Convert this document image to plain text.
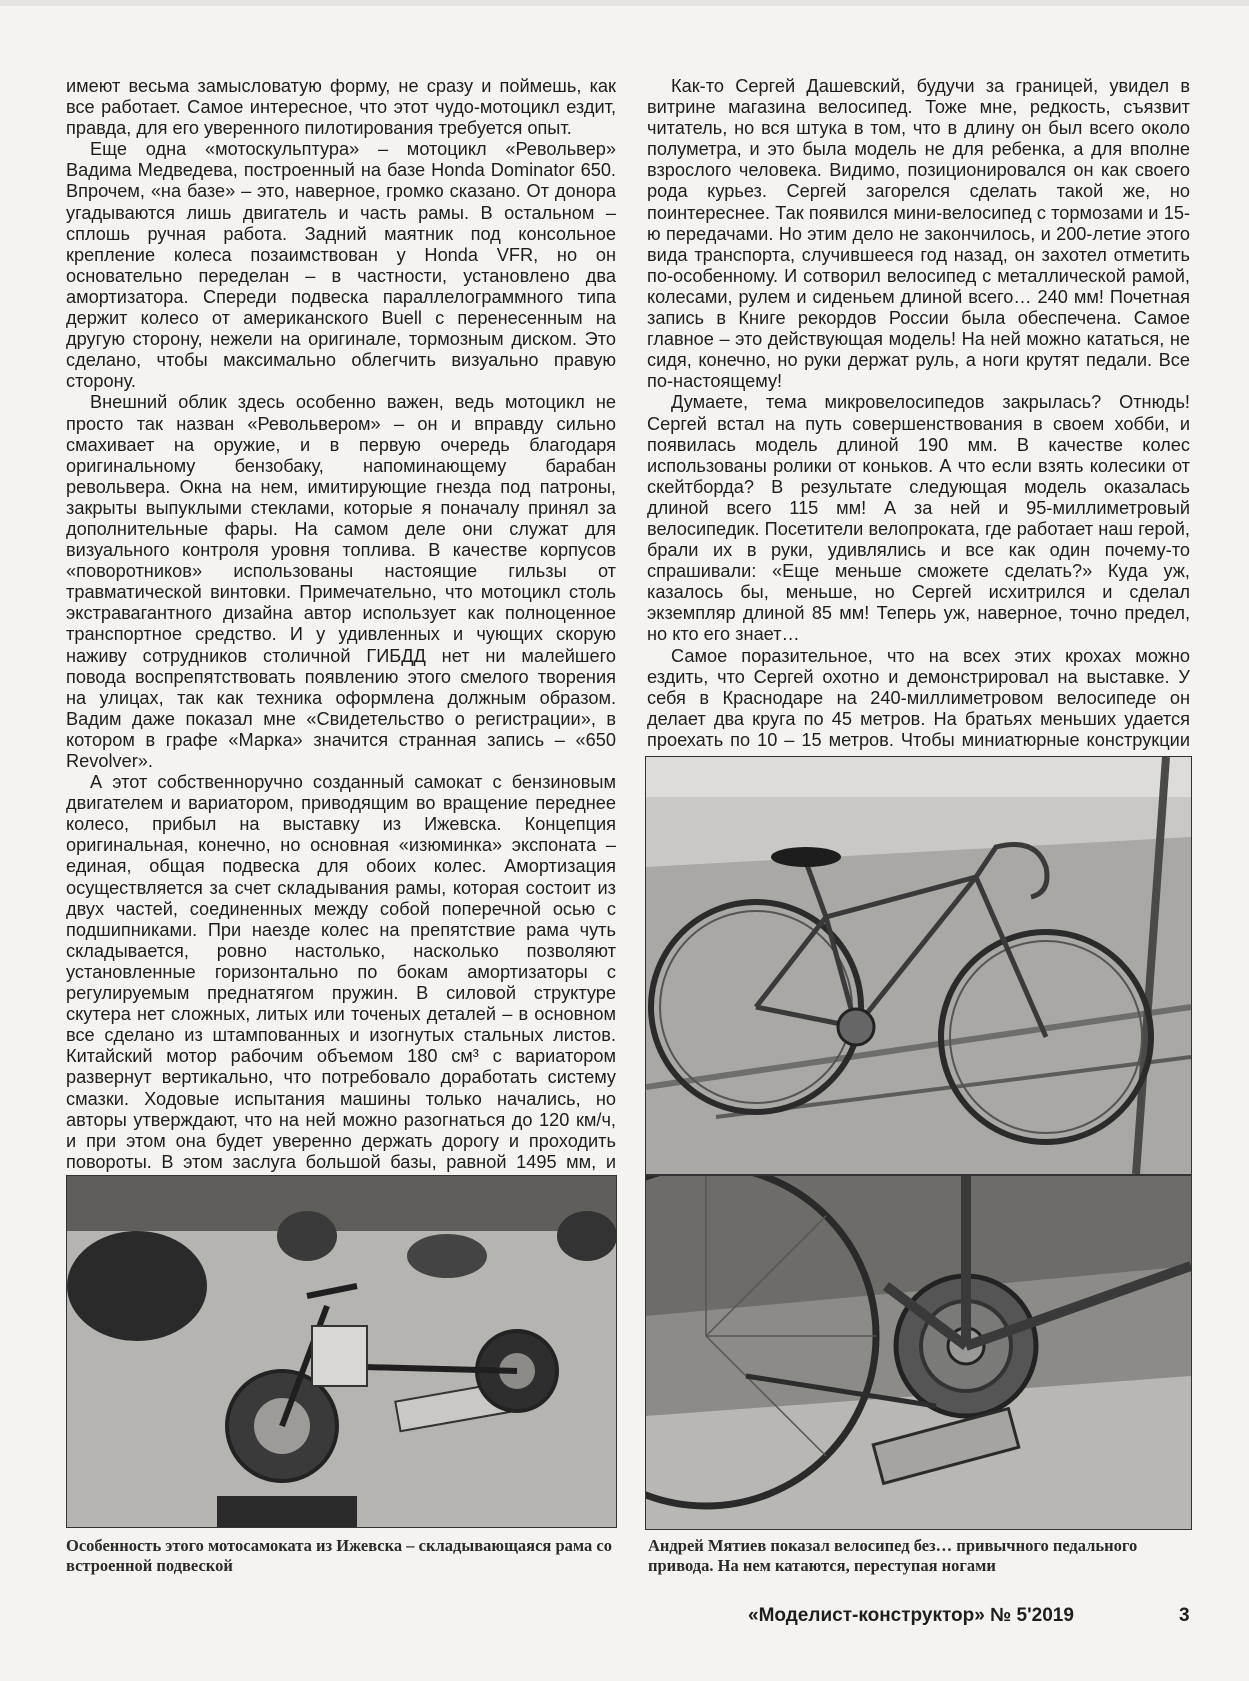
имеют весьма замысловатую форму, не сразу и поймешь, как все работает. Самое интересное, что этот чудо-мотоцикл ездит, правда, для его уверенного пилотирования требуется опыт.

Еще одна «мотоскульптура» – мотоцикл «Револьвер» Вадима Медведева, построенный на базе Honda Dominator 650. Впрочем, «на базе» – это, наверное, громко сказано. От донора угадываются лишь двигатель и часть рамы. В остальном – сплошь ручная работа. Задний маятник под консольное крепление колеса позаимствован у Honda VFR, но он основательно переделан – в частности, установлено два амортизатора. Спереди подвеска параллелограммного типа держит колесо от американского Buell с перенесенным на другую сторону, нежели на оригинале, тормозным диском. Это сделано, чтобы максимально облегчить визуально правую сторону.

Внешний облик здесь особенно важен, ведь мотоцикл не просто так назван «Револьвером» – он и вправду сильно смахивает на оружие, и в первую очередь благодаря оригинальному бензобаку, напоминающему барабан револьвера. Окна на нем, имитирующие гнезда под патроны, закрыты выпуклыми стеклами, которые я поначалу принял за дополнительные фары. На самом деле они служат для визуального контроля уровня топлива. В качестве корпусов «поворотников» использованы настоящие гильзы от травматической винтовки. Примечательно, что мотоцикл столь экстравагантного дизайна автор использует как полноценное транспортное средство. И у удивленных и чующих скорую наживу сотрудников столичной ГИБДД нет ни малейшего повода воспрепятствовать появлению этого смелого творения на улицах, так как техника оформлена должным образом. Вадим даже показал мне «Свидетельство о регистрации», в котором в графе «Марка» значится странная запись – «650 Revolver».

А этот собственноручно созданный самокат с бензиновым двигателем и вариатором, приводящим во вращение переднее колесо, прибыл на выставку из Ижевска. Концепция оригинальная, конечно, но основная «изюминка» экспоната – единая, общая подвеска для обоих колес. Амортизация осуществляется за счет складывания рамы, которая состоит из двух частей, соединенных между собой поперечной осью с подшипниками. При наезде колес на препятствие рама чуть складывается, ровно настолько, насколько позволяют установленные горизонтально по бокам амортизаторы с регулируемым преднатягом пружин. В силовой структуре скутера нет сложных, литых или точеных деталей – в основном все сделано из штампованных и изогнутых стальных листов. Китайский мотор рабочим объемом 180 см³ с вариатором развернут вертикально, что потребовало доработать систему смазки. Ходовые испытания машины только начались, но авторы утверждают, что на ней можно разогнаться до 120 км/ч, и при этом она будет уверенно держать дорогу и проходить повороты. В этом заслуга большой базы, равной 1495 мм, и

Как-то Сергей Дашевский, будучи за границей, увидел в витрине магазина велосипед. Тоже мне, редкость, съязвит читатель, но вся штука в том, что в длину он был всего около полуметра, и это была модель не для ребенка, а для вполне взрослого человека. Видимо, позиционировался он как своего рода курьез. Сергей загорелся сделать такой же, но поинтереснее. Так появился мини-велосипед с тормозами и 15-ю передачами. Но этим дело не закончилось, и 200-летие этого вида транспорта, случившееся год назад, он захотел отметить по-особенному. И сотворил велосипед с металлической рамой, колесами, рулем и сиденьем длиной всего… 240 мм! Почетная запись в Книге рекордов России была обеспечена. Самое главное – это действующая модель! На ней можно кататься, не сидя, конечно, но руки держат руль, а ноги крутят педали. Все по-настоящему!

Думаете, тема микровелосипедов закрылась? Отнюдь! Сергей встал на путь совершенствования в своем хобби, и появилась модель длиной 190 мм. В качестве колес использованы ролики от коньков. А что если взять колесики от скейтборда? В результате следующая модель оказалась длиной всего 115 мм! А за ней и 95-миллиметровый велосипедик. Посетители велопроката, где работает наш герой, брали их в руки, удивлялись и все как один почему-то спрашивали: «Еще меньше сможете сделать?» Куда уж, казалось бы, меньше, но Сергей исхитрился и сделал экземпляр длиной 85 мм! Теперь уж, наверное, точно предел, но кто его знает…

Самое поразительное, что на всех этих крохах можно ездить, что Сергей охотно и демонстрировал на выставке. У себя в Краснодаре на 240-миллиметровом велосипеде он делает два круга по 45 метров. На братьях меньших удается проехать по 10 – 15 метров. Чтобы миниатюрные конструкции

Особенность этого мотосамоката из Ижевска – складывающаяся рама со встроенной подвеской
Андрей Мятиев показал велосипед без… привычного педального привода. На нем катаются, переступая ногами
«Моделист-конструктор» № 5'2019	3
